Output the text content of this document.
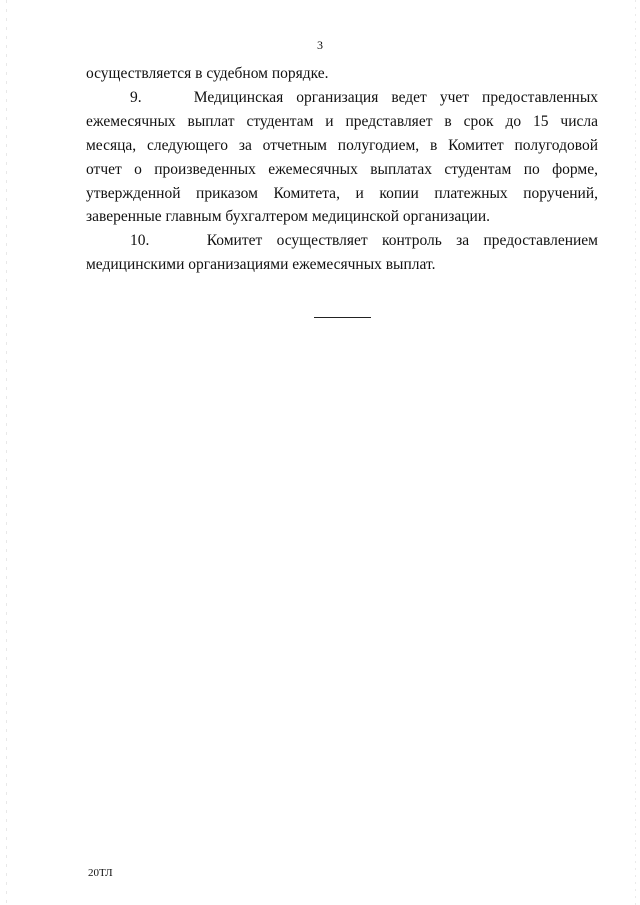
3
осуществляется в судебном порядке.
9.	Медицинская организация ведет учет предоставленных
ежемесячных выплат студентам и представляет в срок до 15 числа
месяца, следующего за отчетным полугодием, в Комитет полугодовой
отчет о произведенных ежемесячных выплатах студентам по форме,
утвержденной приказом Комитета, и копии платежных поручений,
заверенные главным бухгалтером медицинской организации.
10.	Комитет осуществляет контроль за предоставлением
медицинскими организациями ежемесячных выплат.
20ТЛ
